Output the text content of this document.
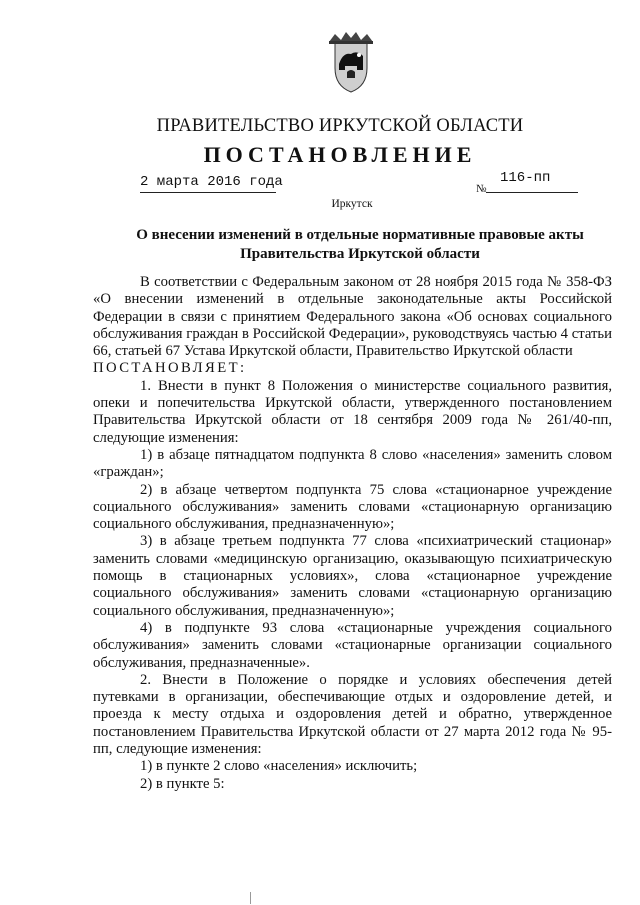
ПРАВИТЕЛЬСТВО ИРКУТСКОЙ ОБЛАСТИ
ПОСТАНОВЛЕНИЕ
2 марта 2016 года	№
116-пп
Иркутск
О внесении изменений в отдельные нормативные правовые акты
Правительства Иркутской области

В соответствии с Федеральным законом от 28 ноября 2015 года № 358-ФЗ «О внесении изменений в отдельные законодательные акты Российской Федерации в связи с принятием Федерального закона «Об основах социального обслуживания граждан в Российской Федерации», руководствуясь частью 4 статьи 66, статьей 67 Устава Иркутской области, Правительство Иркутской области

ПОСТАНОВЛЯЕТ:

1. Внести в пункт 8 Положения о министерстве социального развития, опеки и попечительства Иркутской области, утвержденного постановлением Правительства Иркутской области от 18 сентября 2009 года № 261/40-пп, следующие изменения:

1) в абзаце пятнадцатом подпункта 8 слово «населения» заменить словом «граждан»;

2) в абзаце четвертом подпункта 75 слова «стационарное учреждение социального обслуживания» заменить словами «стационарную организацию социального обслуживания, предназначенную»;

3) в абзаце третьем подпункта 77 слова «психиатрический стационар» заменить словами «медицинскую организацию, оказывающую психиатрическую помощь в стационарных условиях», слова «стационарное учреждение социального обслуживания» заменить словами «стационарную организацию социального обслуживания, предназначенную»;

4) в подпункте 93 слова «стационарные учреждения социального обслуживания» заменить словами «стационарные организации социального обслуживания, предназначенные».

2. Внести в Положение о порядке и условиях обеспечения детей путевками в организации, обеспечивающие отдых и оздоровление детей, и проезда к месту отдыха и оздоровления детей и обратно, утвержденное постановлением Правительства Иркутской области от 27 марта 2012 года № 95-пп, следующие изменения:

1) в пункте 2 слово «населения» исключить;

2) в пункте 5:
